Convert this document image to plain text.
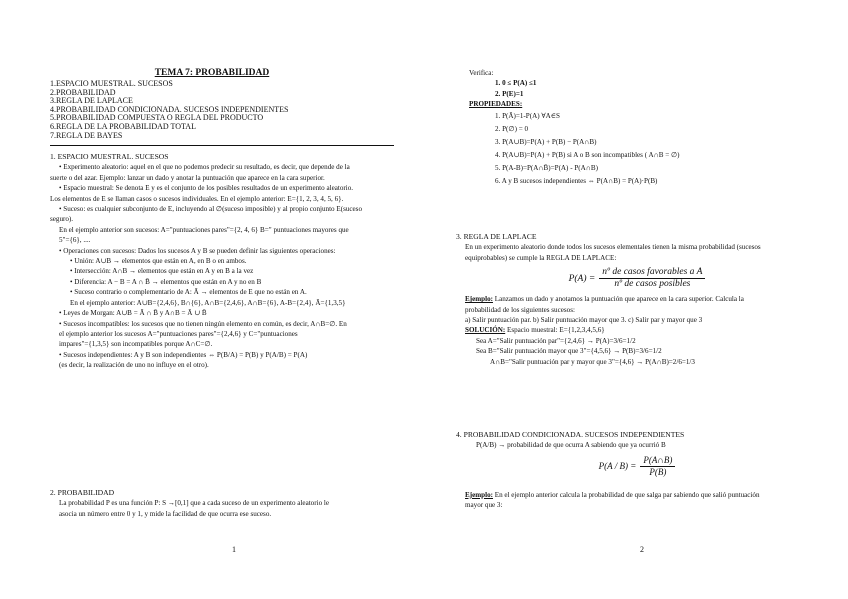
TEMA 7: PROBABILIDAD
1.ESPACIO MUESTRAL. SUCESOS
2.PROBABILIDAD
3.REGLA DE LAPLACE
4.PROBABILIDAD CONDICIONADA. SUCESOS INDEPENDIENTES
5.PROBABILIDAD COMPUESTA O REGLA DEL PRODUCTO
6.REGLA DE LA PROBABILIDAD TOTAL
7.REGLA DE BAYES

1. ESPACIO MUESTRAL. SUCESOS

• Experimento aleatorio: aquel en el que no podemos predecir su resultado, es decir, que depende de la

suerte o del azar. Ejemplo: lanzar un dado y anotar la puntuación que aparece en la cara superior.

• Espacio muestral: Se denota E y es el conjunto de los posibles resultados de un experimento aleatorio.

Los elementos de E se llaman casos o sucesos individuales. En el ejemplo anterior: E={1, 2, 3, 4, 5, 6}.

• Suceso: es cualquier subconjunto de E, incluyendo al ∅(suceso imposible) y al propio conjunto E(suceso

seguro).

En el ejemplo anterior son sucesos: A="puntuaciones pares"={2, 4, 6} B=" puntuaciones mayores que

5"={6}, ....

• Operaciones con sucesos: Dados los sucesos A y B se pueden definir las siguientes operaciones:

• Unión: A∪B → elementos que están en A, en B o en ambos.

• Intersección: A∩B → elementos que están en A y en B a la vez

• Diferencia: A − B = A ∩ B̄ → elementos que están en A y no en B

• Suceso contrario o complementario de A: Ā → elementos de E que no están en A.

En el ejemplo anterior: A∪B={2,4,6}, B∩{6}, A∩B={2,4,6}, A∩B={6}, A-B={2,4}, Ā={1,3,5}

• Leyes de Morgan: A∪B = Ā ∩ B̄ y A∩B = Ā ∪ B̄

• Sucesos incompatibles: los sucesos que no tienen ningún elemento en común, es decir, A∩B=∅. En

el ejemplo anterior los sucesos A="puntuaciones pares"={2,4,6} y C="puntuaciones

impares"={1,3,5} son incompatibles porque A∩C=∅.

• Sucesos independientes: A y B son independientes ⇔ P(B/A) = P(B) y P(A/B) = P(A)

(es decir, la realización de uno no influye en el otro).

2. PROBABILIDAD

La probabilidad P es una función P: S →[0,1] que a cada suceso de un experimento aleatorio le

asocia un número entre 0 y 1, y mide la facilidad de que ocurra ese suceso.

1

Verifica:

1. 0 ≤ P(A) ≤1

2. P(E)=1

PROPIEDADES:

1. P(Ā)=1-P(A) ∀A∈S

2. P(∅) = 0

3. P(A∪B)=P(A) + P(B) − P(A∩B)

4. P(A∪B)=P(A) + P(B) si A o B son incompatibles ( A∩B = ∅)

5. P(A-B)=P(A∩B̄)=P(A) - P(A∩B)

6. A y B sucesos independientes ⇔ P(A∩B) = P(A)·P(B)

3. REGLA DE LAPLACE

En un experimento aleatorio donde todos los sucesos elementales tienen la misma probabilidad (sucesos

equiprobables) se cumple la REGLA DE LAPLACE:

$P(A) = \frac{\text{nº de casos favorables a A}}{\text{nº de casos posibles}}$

Ejemplo: Lanzamos un dado y anotamos la puntuación que aparece en la cara superior. Calcula la

probabilidad de los siguientes sucesos:

a) Salir puntuación par. b) Salir puntuación mayor que 3. c) Salir par y mayor que 3

SOLUCIÓN: Espacio muestral: E={1,2,3,4,5,6}

Sea A="Salir puntuación par"={2,4,6} → P(A)=3/6=1/2

Sea B="Salir puntuación mayor que 3"={4,5,6} → P(B)=3/6=1/2

A∩B="Salir puntuación par y mayor que 3"={4,6} → P(A∩B)=2/6=1/3

4. PROBABILIDAD CONDICIONADA. SUCESOS INDEPENDIENTES

P(A/B) → probabilidad de que ocurra A sabiendo que ya ocurrió B

$P(A / B) = \frac{P(A\cap B)}{P(B)}$

Ejemplo: En el ejemplo anterior calcula la probabilidad de que salga par sabiendo que salió puntuación

mayor que 3:

2
